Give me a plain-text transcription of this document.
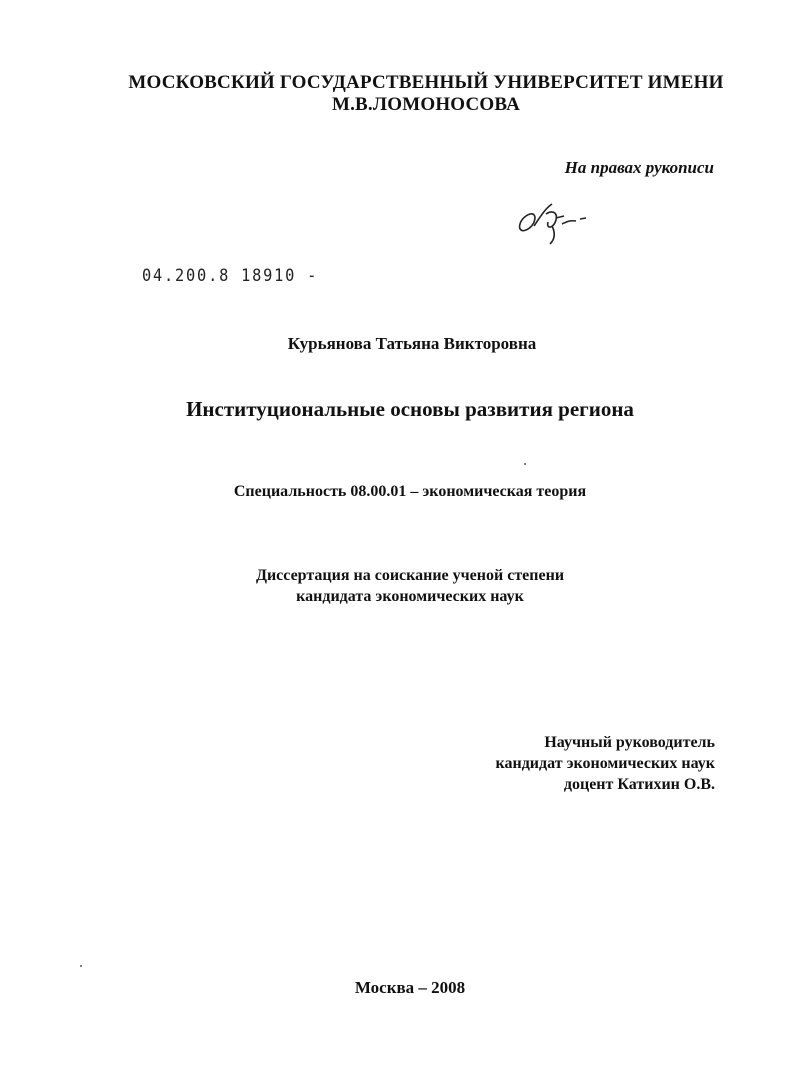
МОСКОВСКИЙ ГОСУДАРСТВЕННЫЙ УНИВЕРСИТЕТ ИМЕНИ
М.В.ЛОМОНОСОВА
На правах рукописи
04.200.8 18910 -
Курьянова Татьяна Викторовна
Институциональные основы развития региона
Специальность 08.00.01 – экономическая теория
Диссертация на соискание ученой степени
кандидата экономических наук
Научный руководитель
кандидат экономических наук
доцент Катихин О.В.
Москва – 2008
